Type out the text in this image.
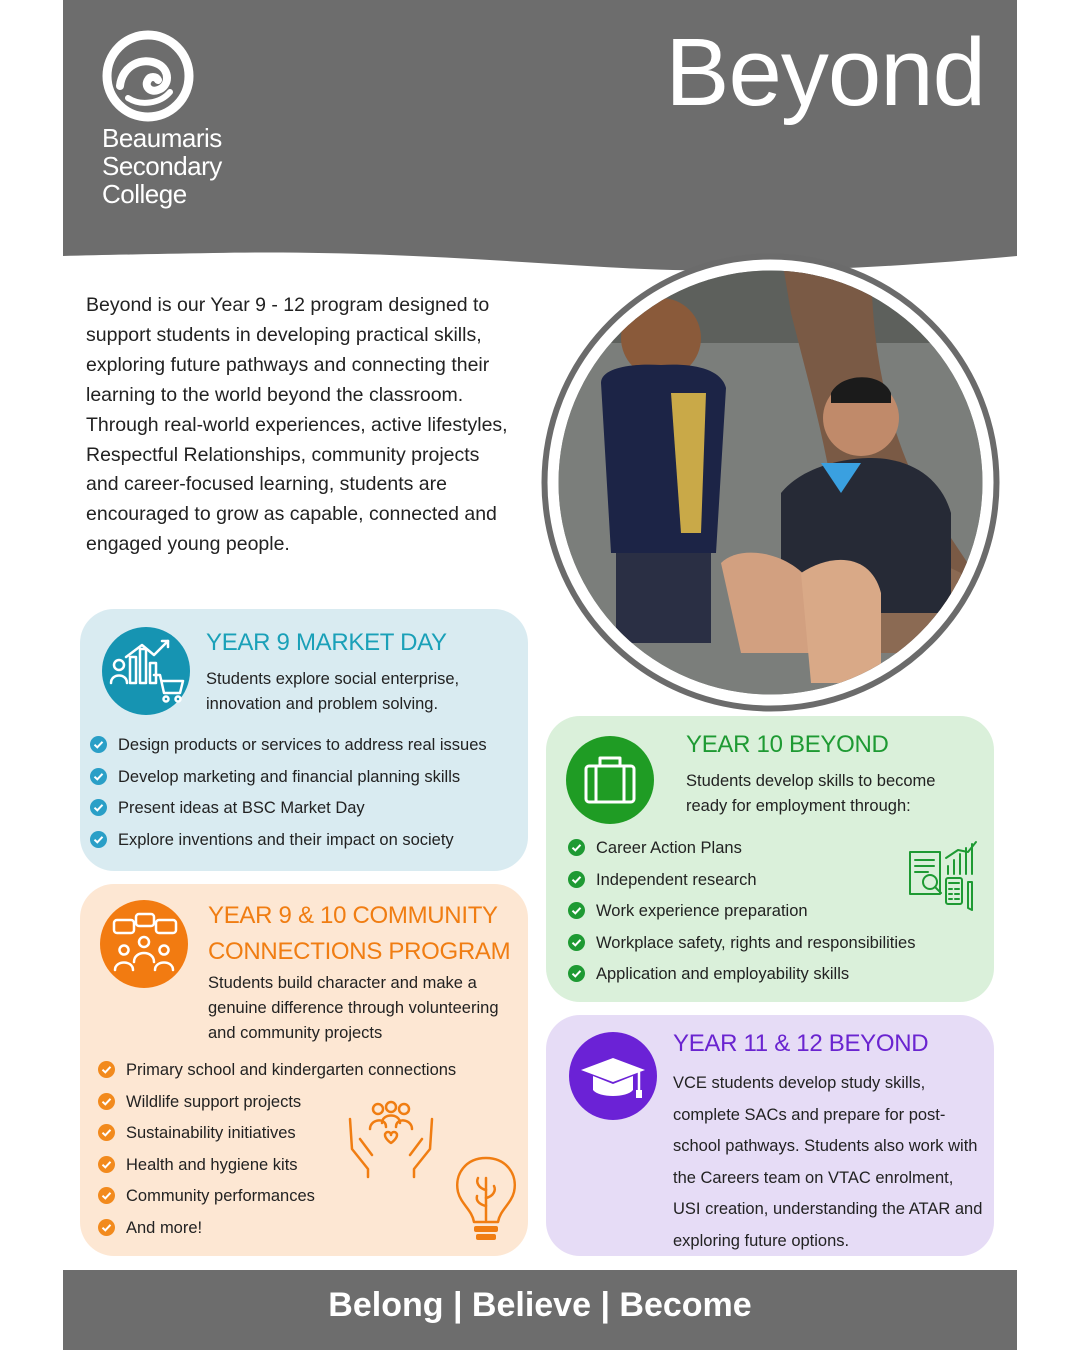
Beaumaris
Secondary
College
Beyond
Beyond is our Year 9 - 12 program designed to support students in developing practical skills, exploring future pathways and connecting their learning to the world beyond the classroom. Through real-world experiences, active lifestyles, Respectful Relationships, community projects and career-focused learning, students are encouraged to grow as capable, connected and engaged young people.
YEAR 9 MARKET DAY
Students explore social enterprise, innovation and problem solving.
Design products or services to address real issues
Develop marketing and financial planning skills
Present ideas at BSC Market Day
Explore inventions and their impact on society
YEAR 9 & 10 COMMUNITY
CONNECTIONS PROGRAM
Students build character and make a genuine difference through volunteering and community projects
Primary school and kindergarten connections
Wildlife support projects
Sustainability initiatives
Health and hygiene kits
Community performances
And more!
YEAR 10 BEYOND
Students develop skills to become ready for employment through:
Career Action Plans
Independent research
Work experience preparation
Workplace safety, rights and responsibilities
Application and employability skills
YEAR 11 & 12 BEYOND
VCE students develop study skills, complete SACs and prepare for post-school pathways. Students also work with the Careers team on VTAC enrolment, USI creation, understanding the ATAR and exploring future options.
Belong | Believe | Become
